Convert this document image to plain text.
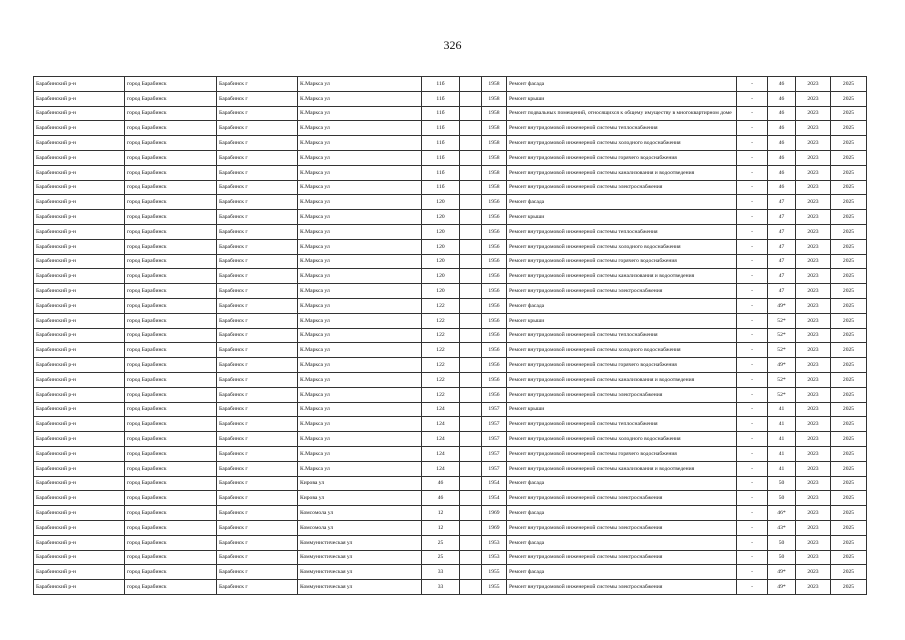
326
Барабинский р-н	город Барабинск	Барабинск г	К.Маркса ул	11б		1958	Ремонт фасада	-	46	2023	2025
Барабинский р-н	город Барабинск	Барабинск г	К.Маркса ул	11б		1958	Ремонт крыши	-	46	2023	2025
Барабинский р-н	город Барабинск	Барабинск г	К.Маркса ул	11б		1958	Ремонт подвальных помещений, относящихся к общему имуществу в многоквартирном доме	-	46	2023	2025
Барабинский р-н	город Барабинск	Барабинск г	К.Маркса ул	11б		1958	Ремонт внутридомовой инженерной системы теплоснабжения	-	46	2023	2025
Барабинский р-н	город Барабинск	Барабинск г	К.Маркса ул	11б		1958	Ремонт внутридомовой инженерной системы холодного водоснабжения	-	46	2023	2025
Барабинский р-н	город Барабинск	Барабинск г	К.Маркса ул	11б		1958	Ремонт внутридомовой инженерной системы горячего водоснабжения	-	46	2023	2025
Барабинский р-н	город Барабинск	Барабинск г	К.Маркса ул	11б		1958	Ремонт внутридомовой инженерной системы канализования и водоотведения	-	46	2023	2025
Барабинский р-н	город Барабинск	Барабинск г	К.Маркса ул	11б		1958	Ремонт внутридомовой инженерной системы электроснабжения	-	46	2023	2025
Барабинский р-н	город Барабинск	Барабинск г	К.Маркса ул	120		1956	Ремонт фасада	-	47	2023	2025
Барабинский р-н	город Барабинск	Барабинск г	К.Маркса ул	120		1956	Ремонт крыши	-	47	2023	2025
Барабинский р-н	город Барабинск	Барабинск г	К.Маркса ул	120		1956	Ремонт внутридомовой инженерной системы теплоснабжения	-	47	2023	2025
Барабинский р-н	город Барабинск	Барабинск г	К.Маркса ул	120		1956	Ремонт внутридомовой инженерной системы холодного водоснабжения	-	47	2023	2025
Барабинский р-н	город Барабинск	Барабинск г	К.Маркса ул	120		1956	Ремонт внутридомовой инженерной системы горячего водоснабжения	-	47	2023	2025
Барабинский р-н	город Барабинск	Барабинск г	К.Маркса ул	120		1956	Ремонт внутридомовой инженерной системы канализования и водоотведения	-	47	2023	2025
Барабинский р-н	город Барабинск	Барабинск г	К.Маркса ул	120		1956	Ремонт внутридомовой инженерной системы электроснабжения	-	47	2023	2025
Барабинский р-н	город Барабинск	Барабинск г	К.Маркса ул	122		1956	Ремонт фасада	-	49*	2023	2025
Барабинский р-н	город Барабинск	Барабинск г	К.Маркса ул	122		1956	Ремонт крыши	-	52*	2023	2025
Барабинский р-н	город Барабинск	Барабинск г	К.Маркса ул	122		1956	Ремонт внутридомовой инженерной системы теплоснабжения	-	52*	2023	2025
Барабинский р-н	город Барабинск	Барабинск г	К.Маркса ул	122		1956	Ремонт внутридомовой инженерной системы холодного водоснабжения	-	52*	2023	2025
Барабинский р-н	город Барабинск	Барабинск г	К.Маркса ул	122		1956	Ремонт внутридомовой инженерной системы горячего водоснабжения	-	49*	2023	2025
Барабинский р-н	город Барабинск	Барабинск г	К.Маркса ул	122		1956	Ремонт внутридомовой инженерной системы канализования и водоотведения	-	52*	2023	2025
Барабинский р-н	город Барабинск	Барабинск г	К.Маркса ул	122		1956	Ремонт внутридомовой инженерной системы электроснабжения	-	52*	2023	2025
Барабинский р-н	город Барабинск	Барабинск г	К.Маркса ул	124		1957	Ремонт крыши	-	41	2023	2025
Барабинский р-н	город Барабинск	Барабинск г	К.Маркса ул	124		1957	Ремонт внутридомовой инженерной системы теплоснабжения	-	41	2023	2025
Барабинский р-н	город Барабинск	Барабинск г	К.Маркса ул	124		1957	Ремонт внутридомовой инженерной системы холодного водоснабжения	-	41	2023	2025
Барабинский р-н	город Барабинск	Барабинск г	К.Маркса ул	124		1957	Ремонт внутридомовой инженерной системы горячего водоснабжения	-	41	2023	2025
Барабинский р-н	город Барабинск	Барабинск г	К.Маркса ул	124		1957	Ремонт внутридомовой инженерной системы канализования и водоотведения	-	41	2023	2025
Барабинский р-н	город Барабинск	Барабинск г	Кирова ул	46		1954	Ремонт фасада	-	50	2023	2025
Барабинский р-н	город Барабинск	Барабинск г	Кирова ул	46		1954	Ремонт внутридомовой инженерной системы электроснабжения	-	50	2023	2025
Барабинский р-н	город Барабинск	Барабинск г	Комсомола ул	12		1969	Ремонт фасада	-	46*	2023	2025
Барабинский р-н	город Барабинск	Барабинск г	Комсомола ул	12		1969	Ремонт внутридомовой инженерной системы электроснабжения	-	43*	2023	2025
Барабинский р-н	город Барабинск	Барабинск г	Коммунистическая ул	25		1953	Ремонт фасада	-	50	2023	2025
Барабинский р-н	город Барабинск	Барабинск г	Коммунистическая ул	25		1953	Ремонт внутридомовой инженерной системы электроснабжения	-	50	2023	2025
Барабинский р-н	город Барабинск	Барабинск г	Коммунистическая ул	33		1955	Ремонт фасада	-	49*	2023	2025
Барабинский р-н	город Барабинск	Барабинск г	Коммунистическая ул	33		1955	Ремонт внутридомовой инженерной системы электроснабжения	-	49*	2023	2025
